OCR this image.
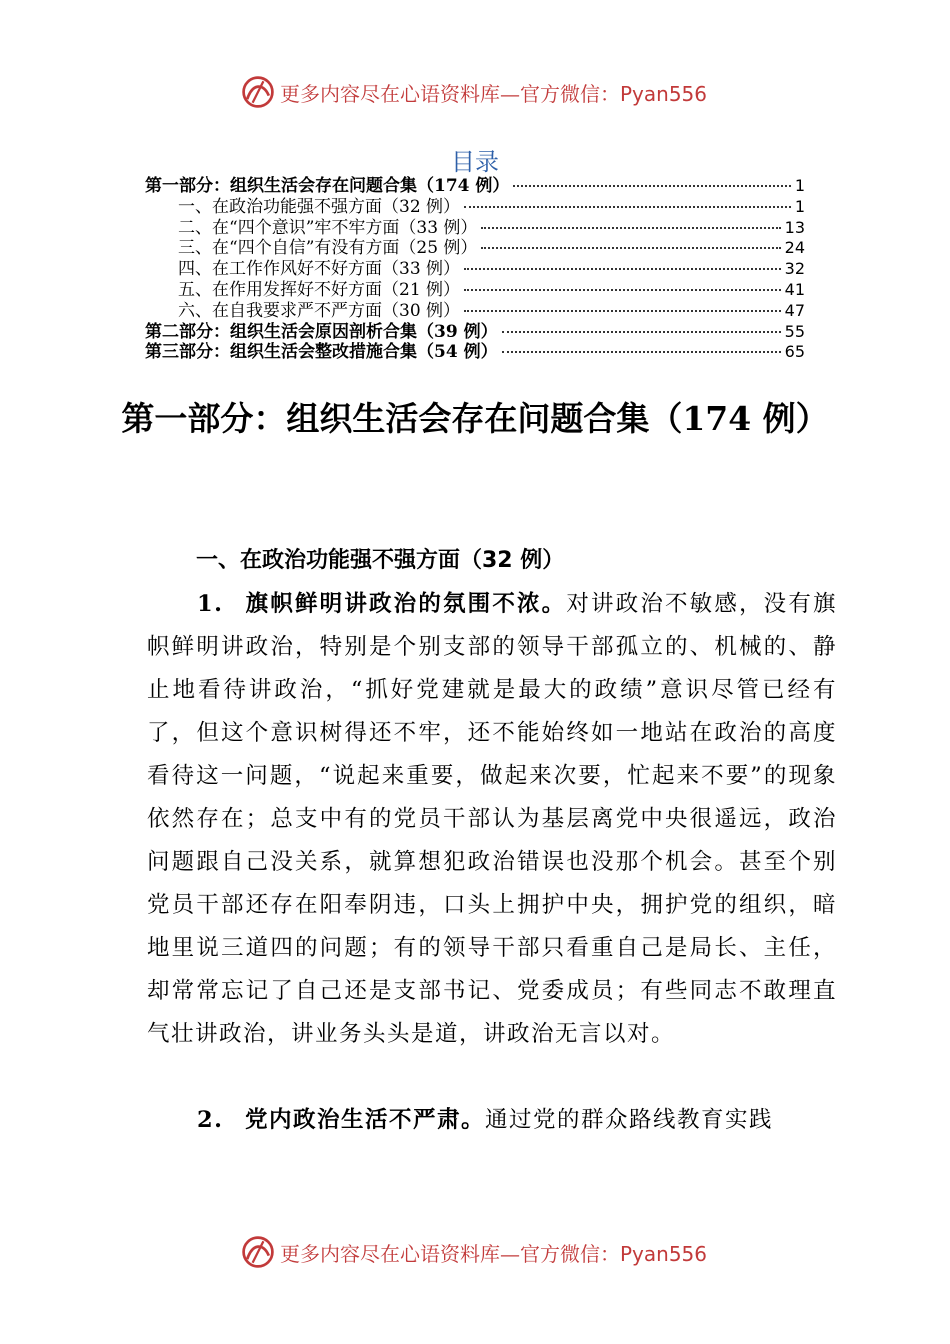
更多内容尽在心语资料库—官方微信：Pyan556
目录
第一部分：组织生活会存在问题合集（174 例）	1
一、在政治功能强不强方面（32 例）	1
二、在“四个意识”牢不牢方面（33 例）	13
三、在“四个自信”有没有方面（25 例）	24
四、在工作作风好不好方面（33 例）	32
五、在作用发挥好不好方面（21 例）	41
六、在自我要求严不严方面（30 例）	47
第二部分：组织生活会原因剖析合集（39 例）	55
第三部分：组织生活会整改措施合集（54 例）	65
第一部分：组织生活会存在问题合集（174 例）
一、在政治功能强不强方面（32 例）

1. 旗帜鲜明讲政治的氛围不浓。对讲政治不敏感，没有旗帜鲜明讲政治，特别是个别支部的领导干部孤立的、机械的、静止地看待讲政治，“抓好党建就是最大的政绩”意识尽管已经有了，但这个意识树得还不牢，还不能始终如一地站在政治的高度看待这一问题，“说起来重要，做起来次要，忙起来不要”的现象依然存在；总支中有的党员干部认为基层离党中央很遥远，政治问题跟自己没关系，就算想犯政治错误也没那个机会。甚至个别党员干部还存在阳奉阴违，口头上拥护中央，拥护党的组织，暗地里说三道四的问题；有的领导干部只看重自己是局长、主任，却常常忘记了自己还是支部书记、党委成员；有些同志不敢理直气壮讲政治，讲业务头头是道，讲政治无言以对。

2. 党内政治生活不严肃。通过党的群众路线教育实践

更多内容尽在心语资料库—官方微信：Pyan556
